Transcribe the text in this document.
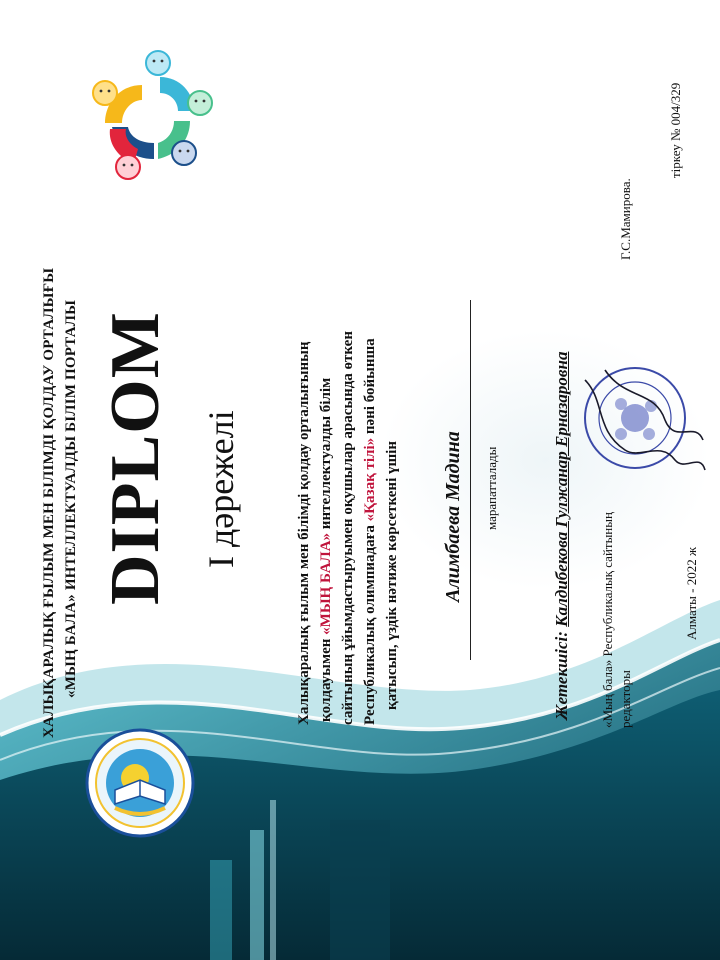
ХАЛЫҚАРАЛЫҚ ҒЫЛЫМ МЕН БІЛІМДІ ҚОЛДАУ ОРТАЛЫҒЫ «МЫҢ БАЛА» ИНТЕЛЛЕКТУАЛДЫ БІЛІМ ПОРТАЛЫ DIPLOM І дәрежелі	Халықаралық ғылым мен білімді қолдау орталығының қолдауымен «МЫҢ БАЛА» интеллектуалды білім сайтының ұйымдастыруымен оқушылар арасында өткен Республикалық олимпиадаға «Қазақ тілі» пәні бойынша
қатысып, үздік нәтиже көрсеткені үшін Алимбаева Мадина марапатталады
Жетекшісі: Калдибекова Гулжанар Ерназаровна «Мың бала» Республикалық сайтының редакторы
Г.С.Мамирова.
Алматы - 2022 ж
тіркеу № 004/329
